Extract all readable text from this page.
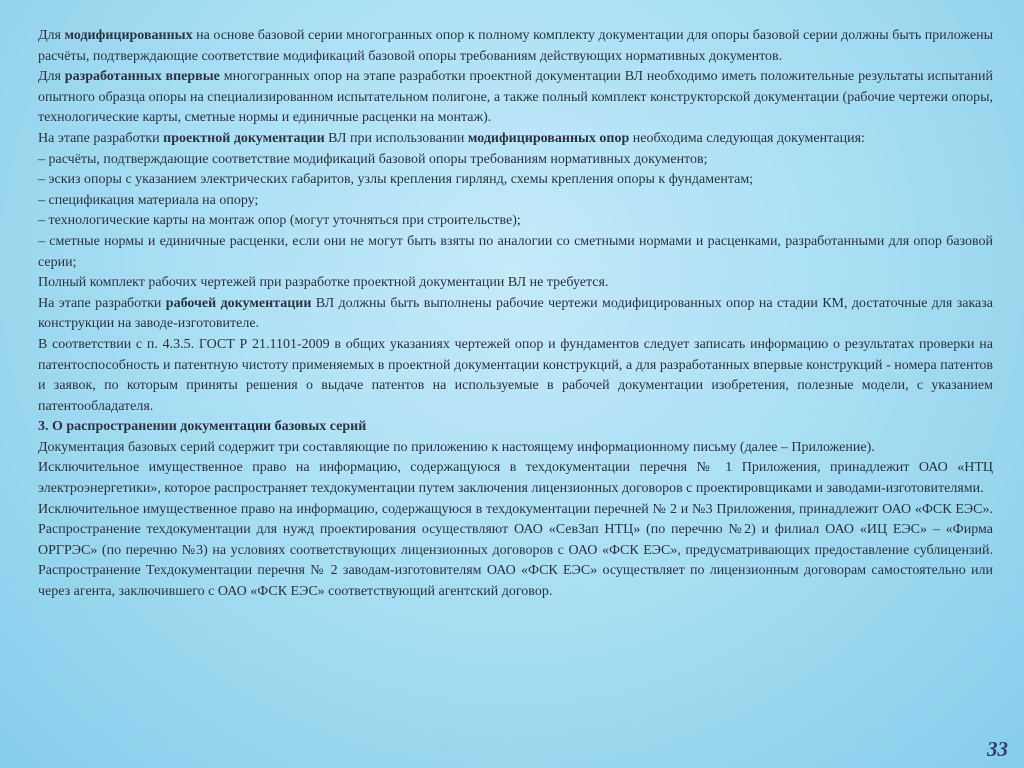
Для модифицированных на основе базовой серии многогранных опор к полному комплекту документации для опоры базовой серии должны быть приложены расчёты, подтверждающие соответствие модификаций базовой опоры требованиям действующих нормативных документов.

Для разработанных впервые многогранных опор на этапе разработки проектной документации ВЛ необходимо иметь положительные результаты испытаний опытного образца опоры на специализированном испытательном полигоне, а также полный комплект конструкторской документации (рабочие чертежи опоры, технологические карты, сметные нормы и единичные расценки на монтаж).

На этапе разработки проектной документации ВЛ при использовании модифицированных опор необходима следующая документация:

– расчёты, подтверждающие соответствие модификаций базовой опоры требованиям нормативных документов;

– эскиз опоры с указанием электрических габаритов, узлы крепления гирлянд, схемы крепления опоры к фундаментам;

– спецификация материала на опору;

– технологические карты на монтаж опор (могут уточняться при строительстве);

– сметные нормы и единичные расценки, если они не могут быть взяты по аналогии со сметными нормами и расценками, разработанными для опор базовой серии;

Полный комплект рабочих чертежей при разработке проектной документации ВЛ не требуется.

На этапе разработки рабочей документации ВЛ должны быть выполнены рабочие чертежи модифицированных опор на стадии КМ, достаточные для заказа конструкции на заводе-изготовителе.

В соответствии с п. 4.3.5. ГОСТ Р 21.1101-2009 в общих указаниях чертежей опор и фундаментов следует записать информацию о результатах проверки на патентоспособность и патентную чистоту применяемых в проектной документации конструкций, а для разработанных впервые конструкций - номера патентов и заявок, по которым приняты решения о выдаче патентов на используемые в рабочей документации изобретения, полезные модели, с указанием патентообладателя.

3. О распространении документации базовых серий

Документация базовых серий содержит три составляющие по приложению к настоящему информационному письму (далее – Приложение).

Исключительное имущественное право на информацию, содержащуюся в техдокументации перечня № 1 Приложения, принадлежит ОАО «НТЦ электроэнергетики», которое распространяет техдокументации путем заключения лицензионных договоров с проектировщиками и заводами-изготовителями.

Исключительное имущественное право на информацию, содержащуюся в техдокументации перечней № 2 и №3 Приложения, принадлежит ОАО «ФСК ЕЭС». Распространение техдокументации для нужд проектирования осуществляют ОАО «СевЗап НТЦ» (по перечню №2) и филиал ОАО «ИЦ ЕЭС» – «Фирма ОРГРЭС» (по перечню №3) на условиях соответствующих лицензионных договоров с ОАО «ФСК ЕЭС», предусматривающих предоставление сублицензий. Распространение Техдокументации перечня № 2 заводам-изготовителям ОАО «ФСК ЕЭС» осуществляет по лицензионным договорам самостоятельно или через агента, заключившего с ОАО «ФСК ЕЭС» соответствующий агентский договор.

33
